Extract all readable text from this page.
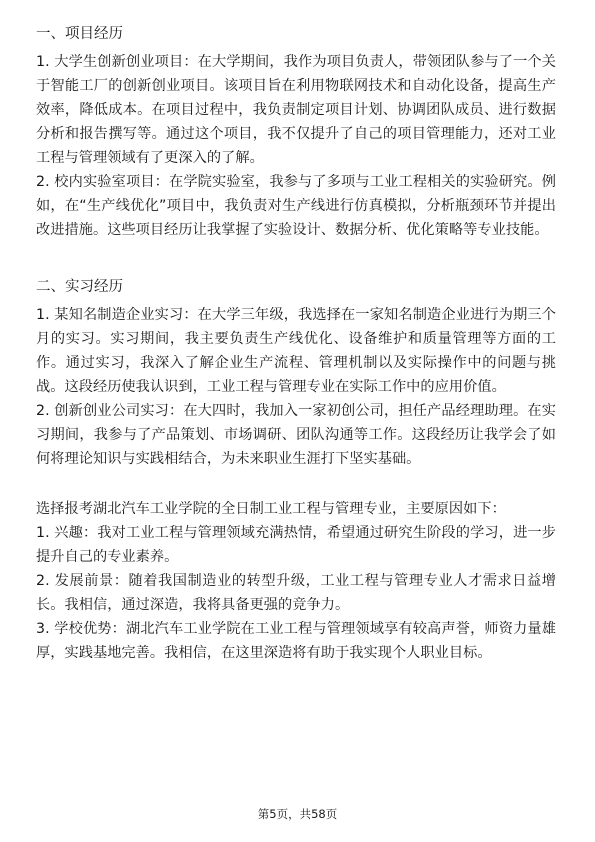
一、项目经历

1. 大学生创新创业项目：在大学期间，我作为项目负责人，带领团队参与了一个关于智能工厂的创新创业项目。该项目旨在利用物联网技术和自动化设备，提高生产效率，降低成本。在项目过程中，我负责制定项目计划、协调团队成员、进行数据分析和报告撰写等。通过这个项目，我不仅提升了自己的项目管理能力，还对工业工程与管理领域有了更深入的了解。

2. 校内实验室项目：在学院实验室，我参与了多项与工业工程相关的实验研究。例如，在“生产线优化”项目中，我负责对生产线进行仿真模拟，分析瓶颈环节并提出改进措施。这些项目经历让我掌握了实验设计、数据分析、优化策略等专业技能。

二、实习经历

1. 某知名制造企业实习：在大学三年级，我选择在一家知名制造企业进行为期三个月的实习。实习期间，我主要负责生产线优化、设备维护和质量管理等方面的工作。通过实习，我深入了解企业生产流程、管理机制以及实际操作中的问题与挑战。这段经历使我认识到，工业工程与管理专业在实际工作中的应用价值。

2. 创新创业公司实习：在大四时，我加入一家初创公司，担任产品经理助理。在实习期间，我参与了产品策划、市场调研、团队沟通等工作。这段经历让我学会了如何将理论知识与实践相结合，为未来职业生涯打下坚实基础。

选择报考湖北汽车工业学院的全日制工业工程与管理专业，主要原因如下：

1. 兴趣：我对工业工程与管理领域充满热情，希望通过研究生阶段的学习，进一步提升自己的专业素养。

2. 发展前景：随着我国制造业的转型升级，工业工程与管理专业人才需求日益增长。我相信，通过深造，我将具备更强的竞争力。

3. 学校优势：湖北汽车工业学院在工业工程与管理领域享有较高声誉，师资力量雄厚，实践基地完善。我相信，在这里深造将有助于我实现个人职业目标。

第5页，共58页
